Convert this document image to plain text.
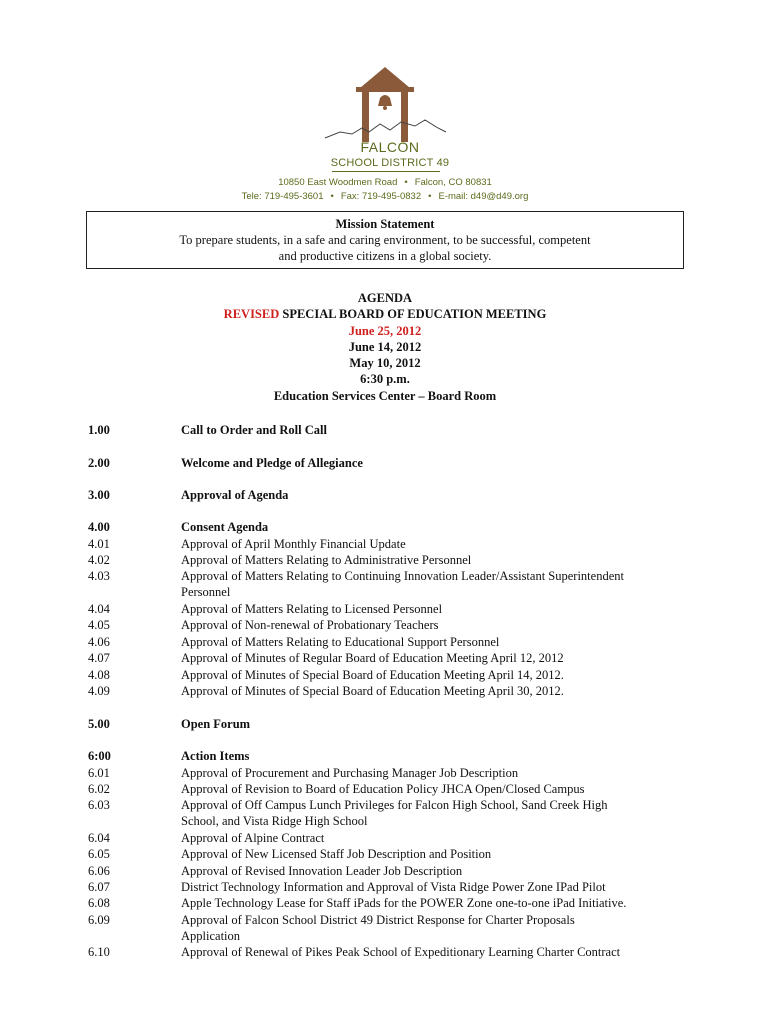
FALCON
SCHOOL DISTRICT 49
10850 East Woodmen Road • Falcon, CO 80831
Tele: 719-495-3601 • Fax: 719-495-0832 • E-mail: d49@d49.org
Mission Statement
To prepare students, in a safe and caring environment, to be successful, competent
and productive citizens in a global society.
AGENDA
REVISED SPECIAL BOARD OF EDUCATION MEETING
June 25, 2012
June 14, 2012
May 10, 2012
6:30 p.m.
Education Services Center – Board Room
1.00	Call to Order and Roll Call
2.00	Welcome and Pledge of Allegiance
3.00	Approval of Agenda
4.00	Consent Agenda
4.01	Approval of April Monthly Financial Update
4.02	Approval of Matters Relating to Administrative Personnel
4.03	Approval of Matters Relating to Continuing Innovation Leader/Assistant Superintendent
Personnel
4.04	Approval of Matters Relating to Licensed Personnel
4.05	Approval of Non-renewal of Probationary Teachers
4.06	Approval of Matters Relating to Educational Support Personnel
4.07	Approval of Minutes of Regular Board of Education Meeting April 12, 2012
4.08	Approval of Minutes of Special Board of Education Meeting April 14, 2012.
4.09	Approval of Minutes of Special Board of Education Meeting April 30, 2012.
5.00	Open Forum
6:00	Action Items
6.01	Approval of Procurement and Purchasing Manager Job Description
6.02	Approval of Revision to Board of Education Policy JHCA Open/Closed Campus
6.03	Approval of Off Campus Lunch Privileges for Falcon High School, Sand Creek High
School, and Vista Ridge High School
6.04	Approval of Alpine Contract
6.05	Approval of New Licensed Staff Job Description and Position
6.06	Approval of Revised Innovation Leader Job Description
6.07	District Technology Information and Approval of Vista Ridge Power Zone IPad Pilot
6.08	Apple Technology Lease for Staff iPads for the POWER Zone one-to-one iPad Initiative.
6.09	Approval of Falcon School District 49 District Response for Charter Proposals
Application
6.10	Approval of Renewal of Pikes Peak School of Expeditionary Learning Charter Contract
